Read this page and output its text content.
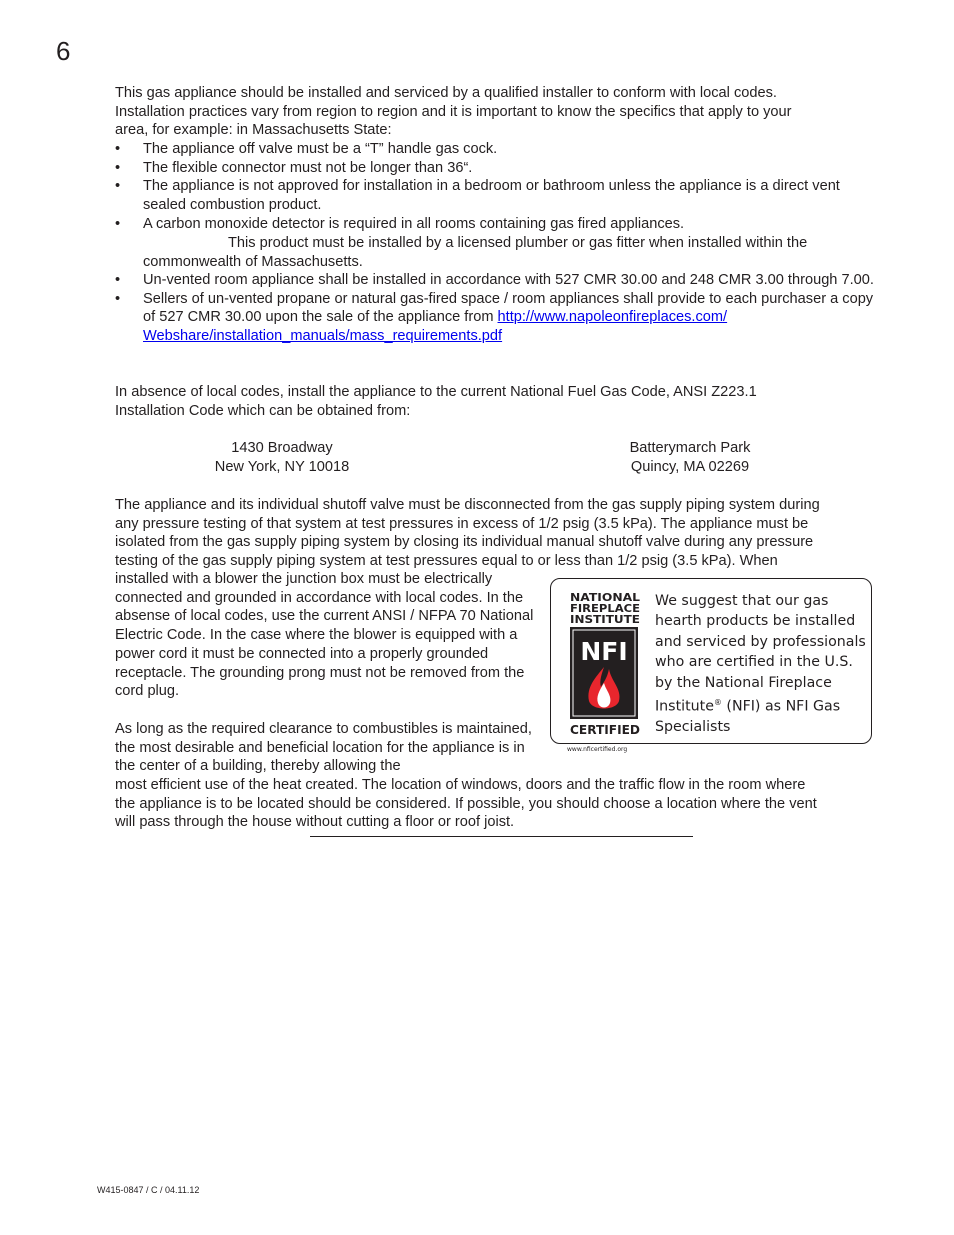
6

This gas appliance should be installed and serviced by a qualified installer to conform with local codes.

Installation practices vary from region to region and it is important to know the specifics that apply to your

area, for example: in Massachusetts State:

• The appliance off valve must be a “T” handle gas cock.
• The flexible connector must not be longer than 36“.
• The appliance is not approved for installation in a bedroom or bathroom unless the appliance is a direct vent sealed combustion product.
• A carbon monoxide detector is required in all rooms containing gas fired appliances.
This product must be installed by a licensed plumber or gas fitter when installed within the commonwealth of Massachusetts.
• Un-vented room appliance shall be installed in accordance with 527 CMR 30.00 and 248 CMR 3.00 through 7.00.
• Sellers of un-vented propane or natural gas-fired space / room appliances shall provide to each purchaser a copy of 527 CMR 30.00 upon the sale of the appliance from http://www.napoleonfireplaces.com/
Webshare/installation_manuals/mass_requirements.pdf

In absence of local codes, install the appliance to the current National Fuel Gas Code, ANSI Z223.1

Installation Code which can be obtained from:

1430 Broadway
New York, NY 10018
Batterymarch Park
Quincy, MA 02269

The appliance and its individual shutoff valve must be disconnected from the gas supply piping system during

any pressure testing of that system at test pressures in excess of 1/2 psig (3.5 kPa). The appliance must be

isolated from the gas supply piping system by closing its individual manual shutoff valve during any pressure

testing of the gas supply piping system at test pressures equal to or less than 1/2 psig (3.5 kPa). When

installed with a blower the junction box must be electrically connected and grounded in accordance with local codes. In the absense of local codes, use the current ANSI / NFPA 70 National Electric Code. In the case where the blower is equipped with a power cord it must be connected into a properly grounded receptacle. The grounding prong must not be removed from the cord plug.
As long as the required clearance to combustibles is maintained, the most desirable and beneficial location for the appliance is in the center of a building, thereby allowing the

most efficient use of the heat created. The location of windows, doors and the traffic flow in the room where

the appliance is to be located should be considered. If possible, you should choose a location where the vent

will pass through the house without cutting a floor or roof joist.

NATIONAL
FIREPLACE
INSTITUTE
NFI
CERTIFIED
www.nficertified.org
We suggest that our gas hearth products be installed and serviced by professionals who are certified in the U.S. by the National Fireplace Institute® (NFI) as NFI Gas Specialists
W415-0847 / C / 04.11.12
